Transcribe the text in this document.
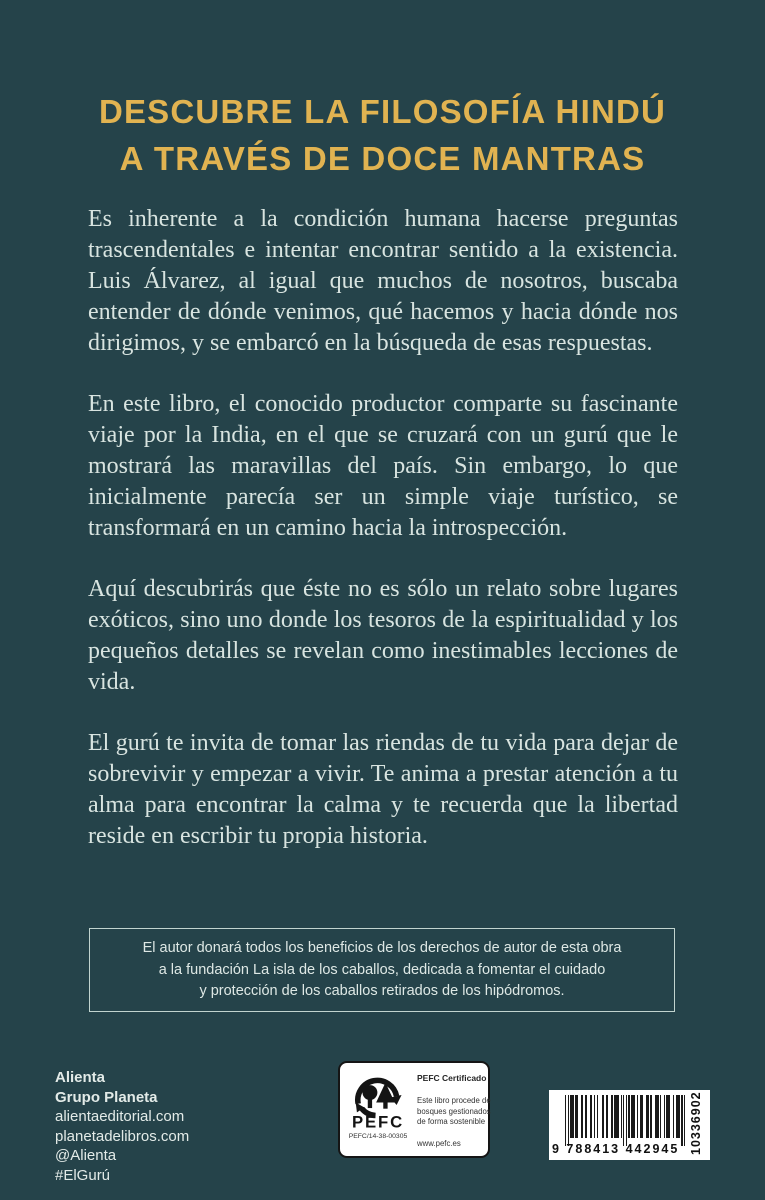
DESCUBRE LA FILOSOFÍA HINDÚ
A TRAVÉS DE DOCE MANTRAS

Es inherente a la condición humana hacerse preguntas trascendentales e intentar encontrar sentido a la existencia. Luis Álvarez, al igual que muchos de nosotros, buscaba entender de dónde venimos, qué hacemos y hacia dónde nos dirigimos, y se embarcó en la búsqueda de esas respuestas.

En este libro, el conocido productor comparte su fascinante viaje por la India, en el que se cruzará con un gurú que le mostrará las maravillas del país. Sin embargo, lo que inicialmente parecía ser un simple viaje turístico, se transformará en un camino hacia la introspección.

Aquí descubrirás que éste no es sólo un relato sobre lugares exóticos, sino uno donde los tesoros de la espiritualidad y los pequeños detalles se revelan como inestimables lecciones de vida.

El gurú te invita de tomar las riendas de tu vida para dejar de sobrevivir y empezar a vivir. Te anima a prestar atención a tu alma para encontrar la calma y te recuerda que la libertad reside en escribir tu propia historia.

El autor donará todos los beneficios de los derechos de autor de esta obra
a la fundación La isla de los caballos, dedicada a fomentar el cuidado
y protección de los caballos retirados de los hipódromos.
Alienta
Grupo Planeta
alientaeditorial.com
planetadelibros.com
@Alienta
#ElGurú
PEFC
PEFC/14-38-00305
PEFC Certificado
Este libro procede de bosques gestionados de forma sostenible
www.pefc.es	9 788413 442945 10336902
